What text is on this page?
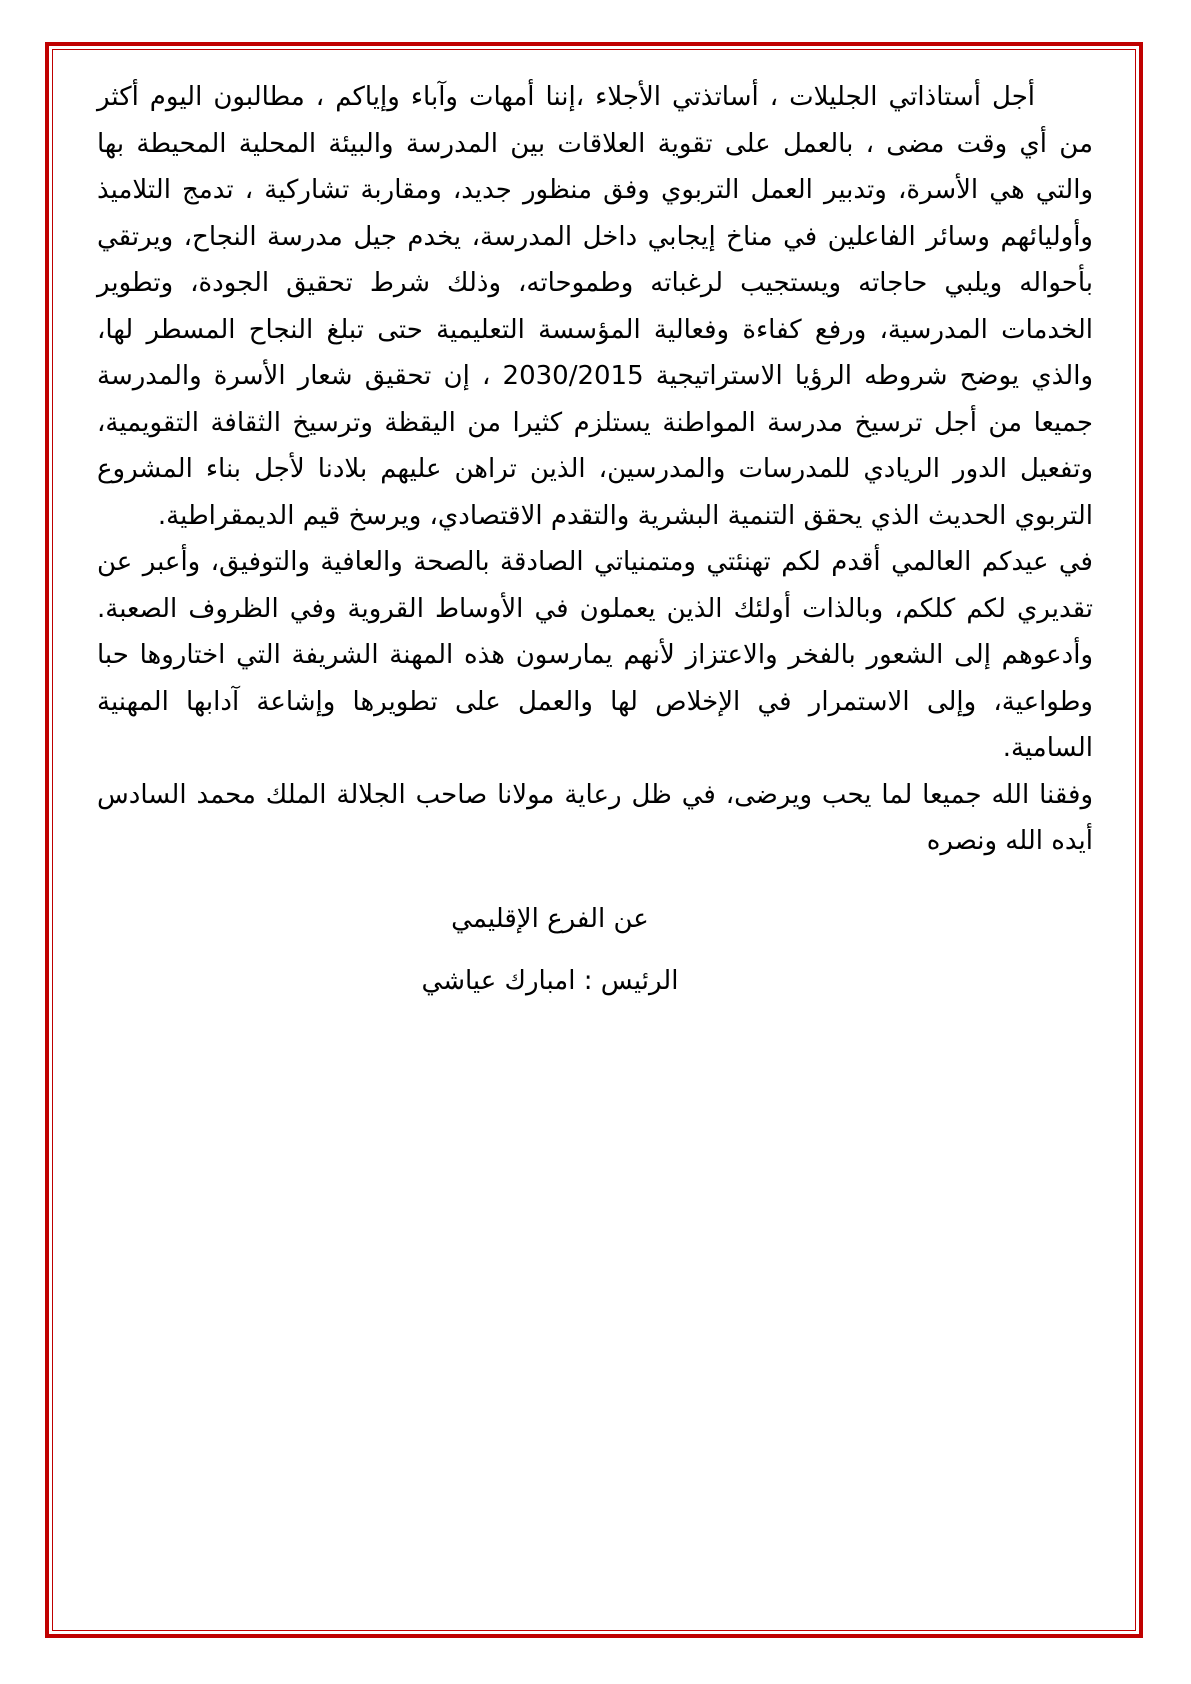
أجل أستاذاتي الجليلات ، أساتذتي الأجلاء ،إننا أمهات وآباء وإياكم ، مطالبون اليوم أكثر من أي وقت مضى ، بالعمل على تقوية العلاقات بين المدرسة والبيئة المحلية المحيطة بها والتي هي الأسرة، وتدبير العمل التربوي وفق منظور جديد، ومقاربة تشاركية ، تدمج التلاميذ وأوليائهم وسائر الفاعلين في مناخ إيجابي داخل المدرسة، يخدم جيل مدرسة النجاح، ويرتقي بأحواله ويلبي حاجاته ويستجيب لرغباته وطموحاته، وذلك شرط تحقيق الجودة، وتطوير الخدمات المدرسية، ورفع كفاءة وفعالية المؤسسة التعليمية حتى تبلغ النجاح المسطر لها، والذي يوضح شروطه الرؤيا الاستراتيجية 2030/2015 ، إن تحقيق شعار الأسرة والمدرسة جميعا من أجل ترسيخ مدرسة المواطنة يستلزم كثيرا من اليقظة وترسيخ الثقافة التقويمية، وتفعيل الدور الريادي للمدرسات والمدرسين، الذين تراهن عليهم بلادنا لأجل بناء المشروع التربوي الحديث الذي يحقق التنمية البشرية والتقدم الاقتصادي، ويرسخ قيم الديمقراطية.

في عيدكم العالمي أقدم لكم تهنئتي ومتمنياتي الصادقة بالصحة والعافية والتوفيق، وأعبر عن تقديري لكم كلكم، وبالذات أولئك الذين يعملون في الأوساط القروية وفي الظروف الصعبة. وأدعوهم إلى الشعور بالفخر والاعتزاز لأنهم يمارسون هذه المهنة الشريفة التي اختاروها حبا وطواعية، وإلى الاستمرار في الإخلاص لها والعمل على تطويرها وإشاعة آدابها المهنية السامية.

وفقنا الله جميعا لما يحب ويرضى، في ظل رعاية مولانا صاحب الجلالة الملك محمد السادس أيده الله ونصره

عن الفرع الإقليمي
الرئيس : امبارك عياشي
